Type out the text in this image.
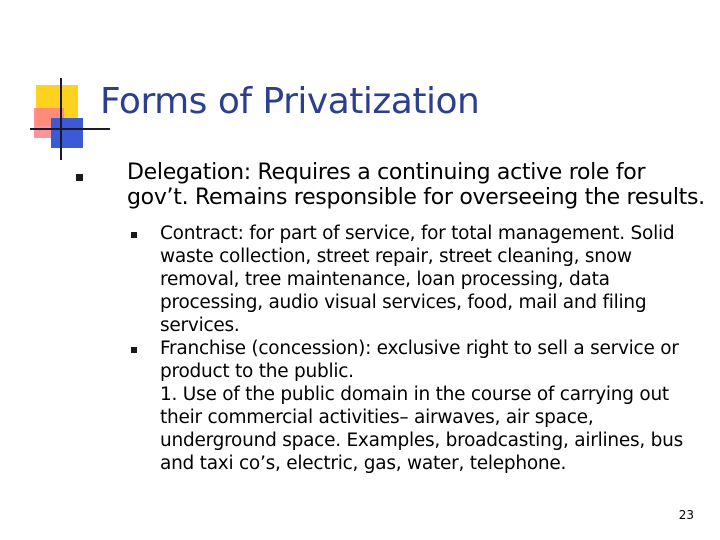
Forms of Privatization
Delegation: Requires a continuing active role for gov’t. Remains responsible for overseeing the results.
Contract: for part of service, for total management. Solid waste collection, street repair, street cleaning, snow removal, tree maintenance, loan processing, data processing, audio visual services, food, mail and filing services.
Franchise (concession): exclusive right to sell a service or product to the public.
1. Use of the public domain in the course of carrying out their commercial activities– airwaves, air space, underground space. Examples, broadcasting, airlines, bus and taxi co’s, electric, gas, water, telephone.
23
